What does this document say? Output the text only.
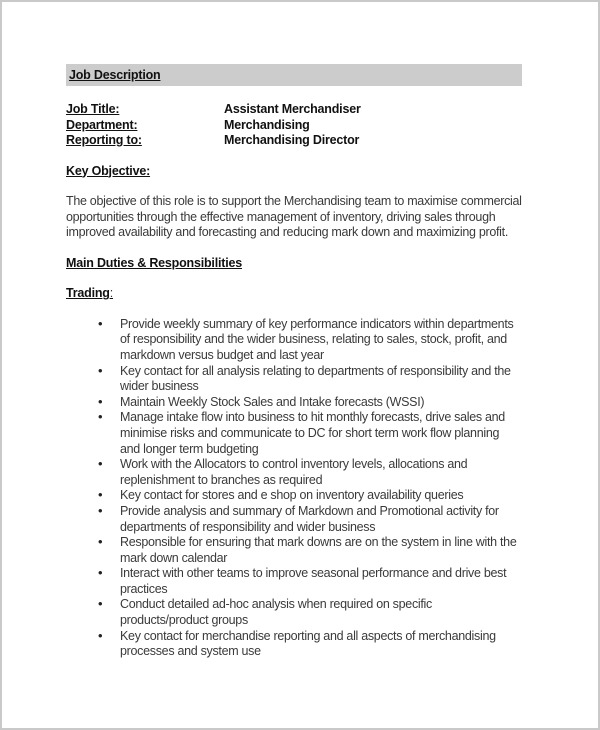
Job Description
Job Title:	Assistant Merchandiser
Department:	Merchandising
Reporting to:	Merchandising Director
Key Objective:

The objective of this role is to support the Merchandising team to maximise commercial opportunities through the effective management of inventory, driving sales through improved availability and forecasting and reducing mark down and maximizing profit.

Main Duties & Responsibilities
Trading:
• Provide weekly summary of key performance indicators within departments of responsibility and the wider business, relating to sales, stock, profit, and markdown versus budget and last year
• Key contact for all analysis relating to departments of responsibility and the wider business
• Maintain Weekly Stock Sales and Intake forecasts (WSSI)
• Manage intake flow into business to hit monthly forecasts, drive sales and minimise risks and communicate to DC for short term work flow planning and longer term budgeting
• Work with the Allocators to control inventory levels, allocations and replenishment to branches as required
• Key contact for stores and e shop on inventory availability queries
• Provide analysis and summary of Markdown and Promotional activity for departments of responsibility and wider business
• Responsible for ensuring that mark downs are on the system in line with the mark down calendar
• Interact with other teams to improve seasonal performance and drive best practices
• Conduct detailed ad-hoc analysis when required on specific products/product groups
• Key contact for merchandise reporting and all aspects of merchandising processes and system use
